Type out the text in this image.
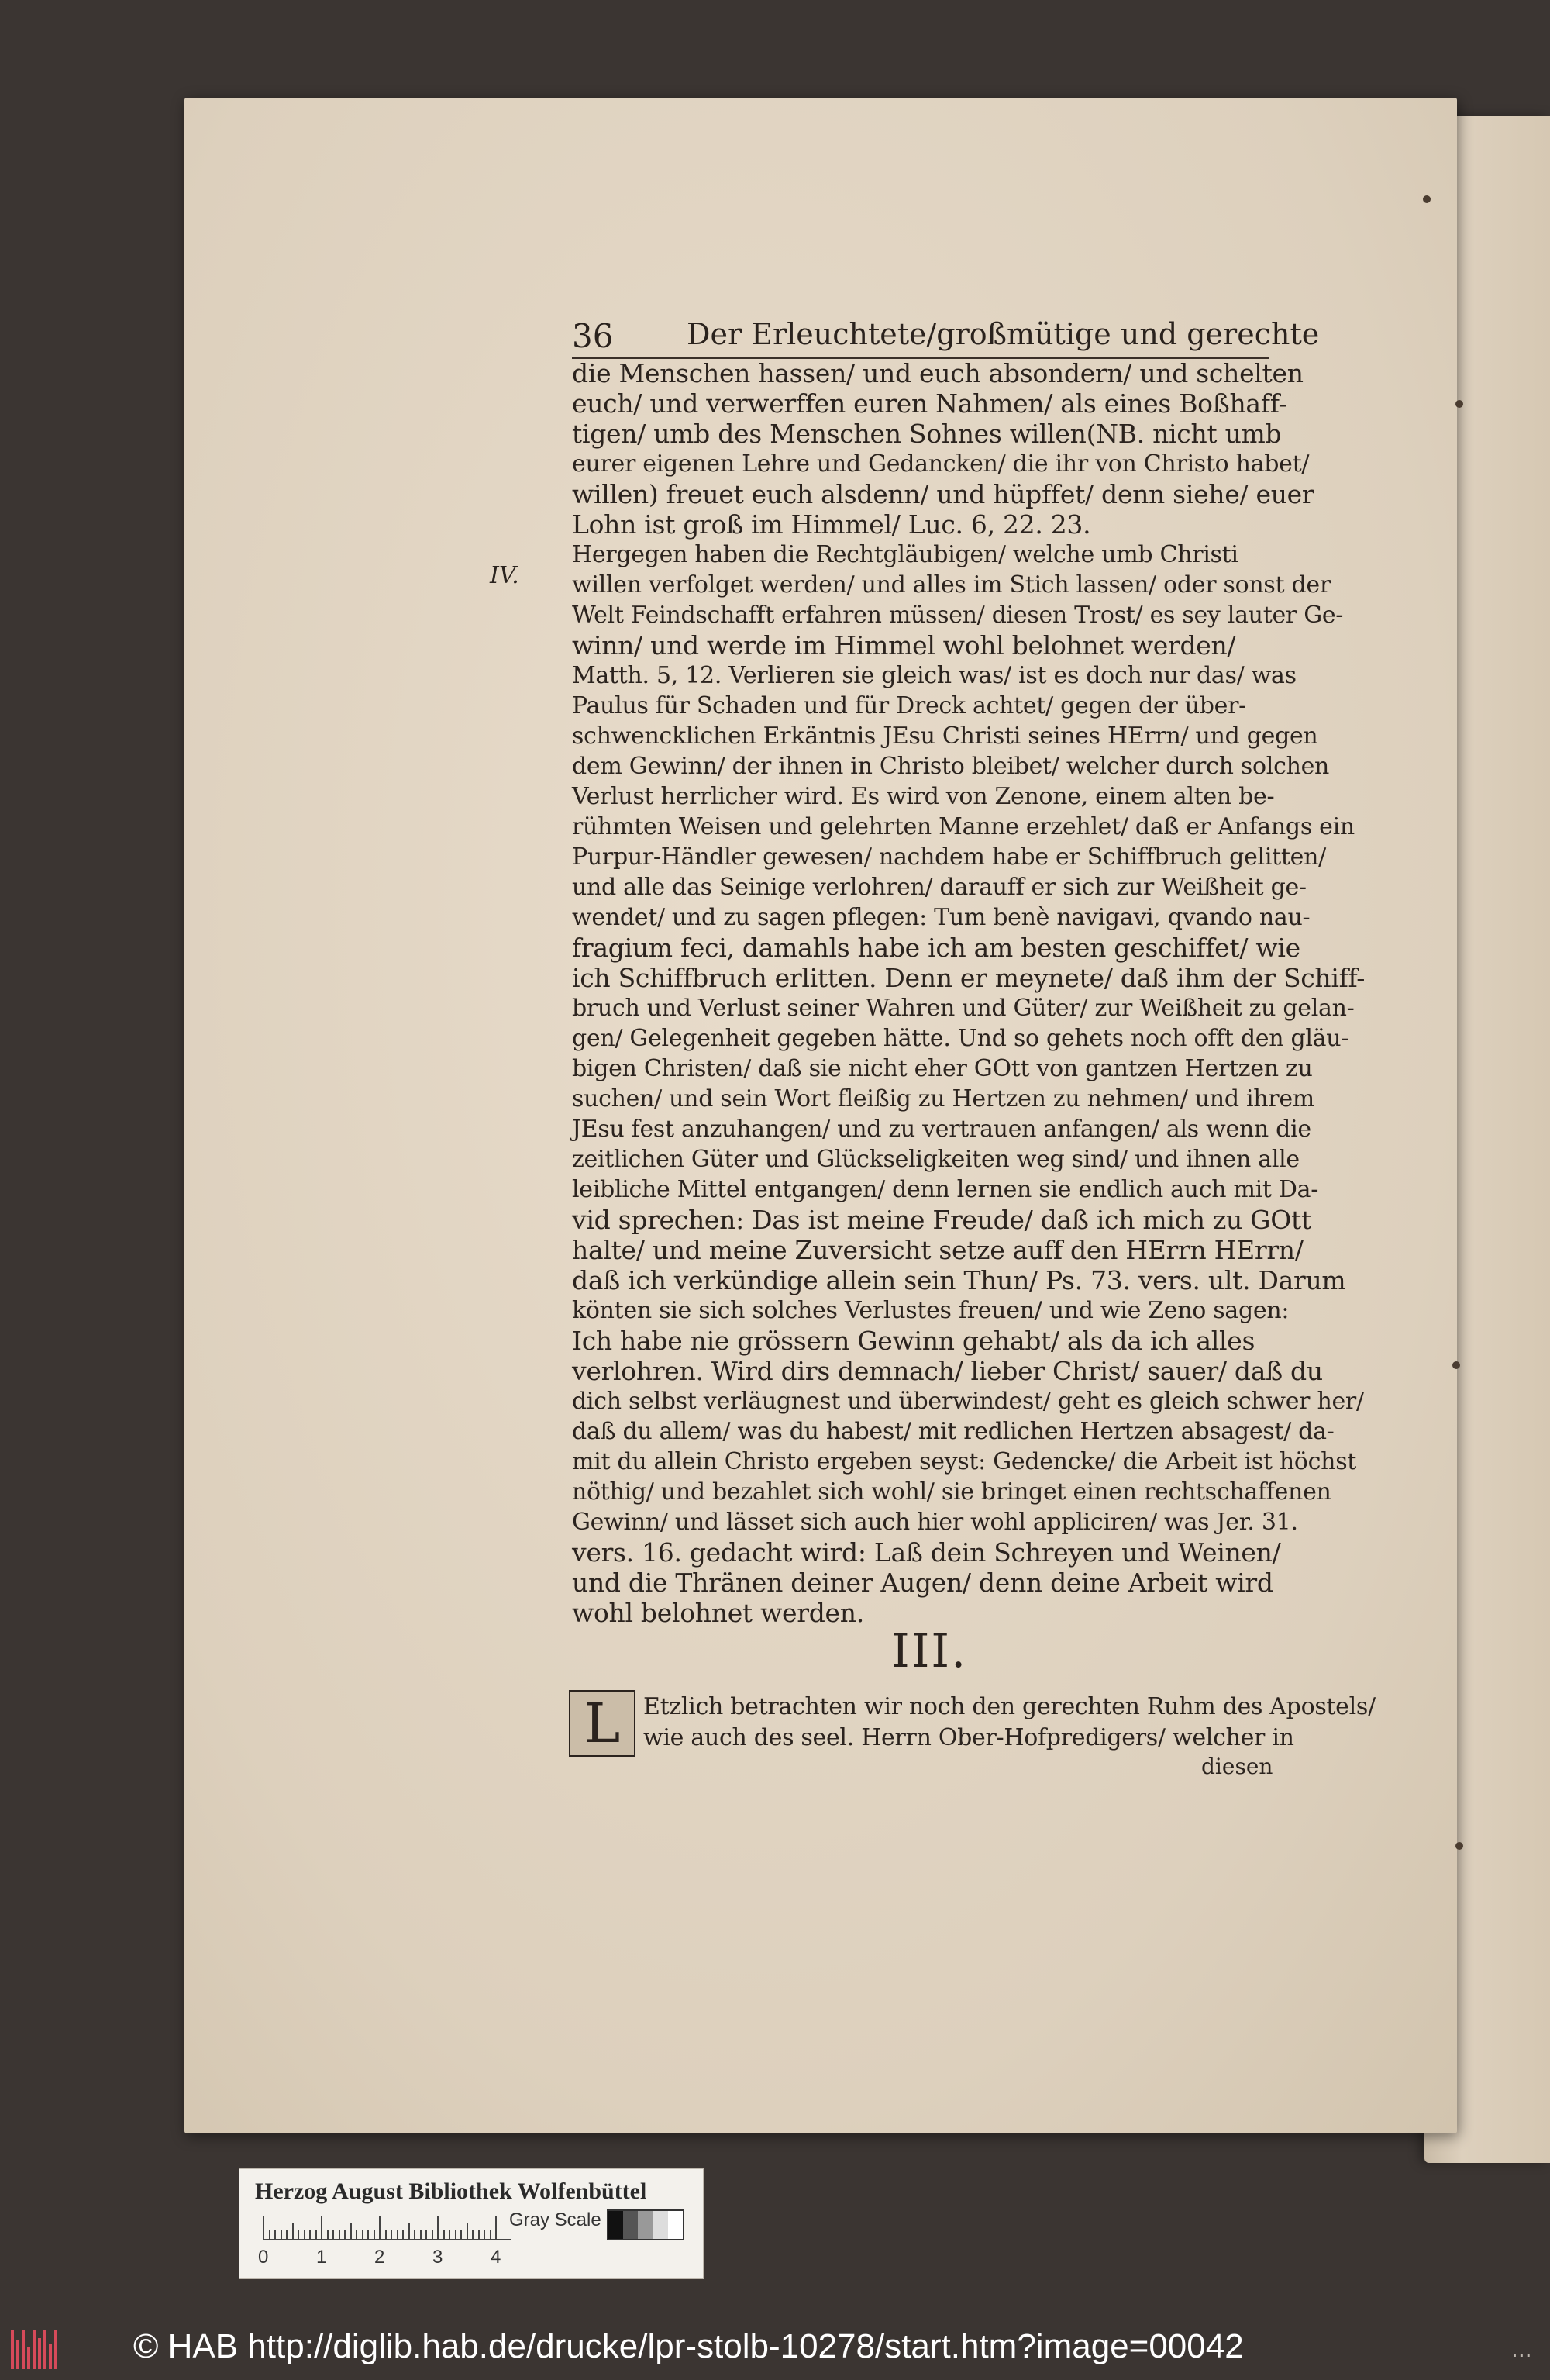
36 Der Erleuchtete/großmütige und gerechte
IV.
die Menschen hassen/ und euch absondern/ und schelten
euch/ und verwerffen euren Nahmen/ als eines Boßhaff-
tigen/ umb des Menschen Sohnes willen(NB. nicht umb
eurer eigenen Lehre und Gedancken/ die ihr von Christo habet/
willen) freuet euch alsdenn/ und hüpffet/ denn siehe/ euer
Lohn ist groß im Himmel/ Luc. 6, 22. 23.
Hergegen haben die Rechtgläubigen/ welche umb Christi
willen verfolget werden/ und alles im Stich lassen/ oder sonst der
Welt Feindschafft erfahren müssen/ diesen Trost/ es sey lauter Ge-
winn/ und werde im Himmel wohl belohnet werden/
Matth. 5, 12. Verlieren sie gleich was/ ist es doch nur das/ was
Paulus für Schaden und für Dreck achtet/ gegen der über-
schwencklichen Erkäntnis JEsu Christi seines HErrn/ und gegen
dem Gewinn/ der ihnen in Christo bleibet/ welcher durch solchen
Verlust herrlicher wird. Es wird von Zenone, einem alten be-
rühmten Weisen und gelehrten Manne erzehlet/ daß er Anfangs ein
Purpur-Händler gewesen/ nachdem habe er Schiffbruch gelitten/
und alle das Seinige verlohren/ darauff er sich zur Weißheit ge-
wendet/ und zu sagen pflegen: Tum benè navigavi, qvando nau-
fragium feci, damahls habe ich am besten geschiffet/ wie
ich Schiffbruch erlitten. Denn er meynete/ daß ihm der Schiff-
bruch und Verlust seiner Wahren und Güter/ zur Weißheit zu gelan-
gen/ Gelegenheit gegeben hätte. Und so gehets noch offt den gläu-
bigen Christen/ daß sie nicht eher GOtt von gantzen Hertzen zu
suchen/ und sein Wort fleißig zu Hertzen zu nehmen/ und ihrem
JEsu fest anzuhangen/ und zu vertrauen anfangen/ als wenn die
zeitlichen Güter und Glückseligkeiten weg sind/ und ihnen alle
leibliche Mittel entgangen/ denn lernen sie endlich auch mit Da-
vid sprechen: Das ist meine Freude/ daß ich mich zu GOtt
halte/ und meine Zuversicht setze auff den HErrn HErrn/
daß ich verkündige allein sein Thun/ Ps. 73. vers. ult. Darum
könten sie sich solches Verlustes freuen/ und wie Zeno sagen:
Ich habe nie grössern Gewinn gehabt/ als da ich alles
verlohren. Wird dirs demnach/ lieber Christ/ sauer/ daß du
dich selbst verläugnest und überwindest/ geht es gleich schwer her/
daß du allem/ was du habest/ mit redlichen Hertzen absagest/ da-
mit du allein Christo ergeben seyst: Gedencke/ die Arbeit ist höchst
nöthig/ und bezahlet sich wohl/ sie bringet einen rechtschaffenen
Gewinn/ und lässet sich auch hier wohl appliciren/ was Jer. 31.
vers. 16. gedacht wird: Laß dein Schreyen und Weinen/
und die Thränen deiner Augen/ denn deine Arbeit wird
wohl belohnet werden.
III.
L Etzlich betrachten wir noch den gerechten Ruhm des Apostels/
wie auch des seel. Herrn Ober-Hofpredigers/ welcher in
diesen
Herzog August Bibliothek Wolfenbüttel
0	1	2	3	4
Gray Scale
© HAB http://diglib.hab.de/drucke/lpr-stolb-10278/start.htm?image=00042	...
